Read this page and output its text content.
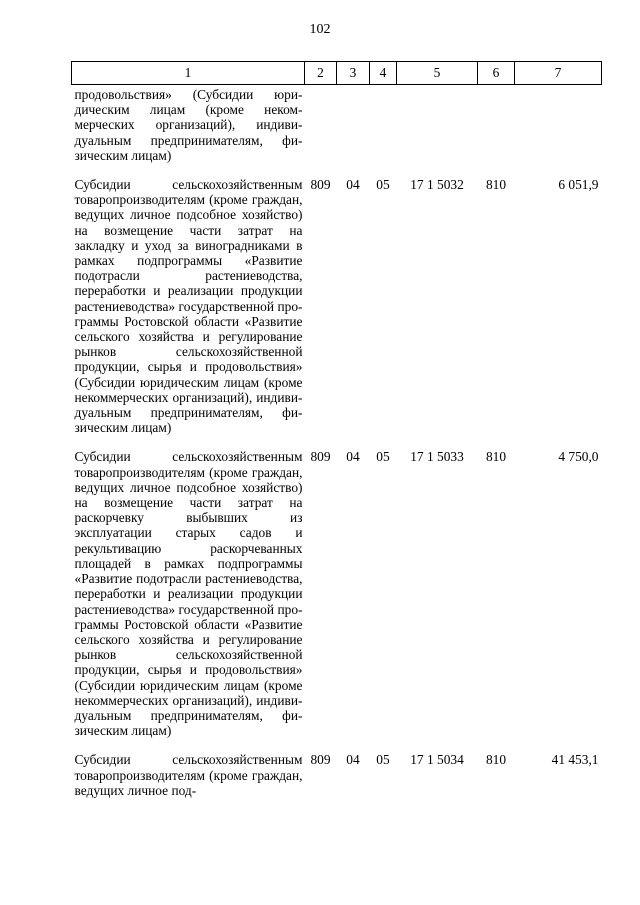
102
1	2	3	4	5	6	7
продовольствия» (Субсидии юридическим лицам (кроме некоммерческих организаций), индивидуальным предпринимателям, физическим лицам)						
Субсидии сельскохозяйственным товаропроизводителям (кроме граждан, ведущих личное подсобное хозяйство) на возмещение части затрат на закладку и уход за виноградниками в рамках подпрограммы «Развитие подотрасли растениеводства, переработки и реализации продукции растениеводства» государственной программы Ростовской области «Развитие сельского хозяйства и регулирование рынков сельскохозяйственной продукции, сырья и продовольствия» (Субсидии юридическим лицам (кроме некоммерческих организаций), индивидуальным предпринимателям, физическим лицам)	809	04	05	17 1 5032	810	6 051,9
Субсидии сельскохозяйственным товаропроизводителям (кроме граждан, ведущих личное подсобное хозяйство) на возмещение части затрат на раскорчевку выбывших из эксплуатации старых садов и рекультивацию раскорчеванных площадей в рамках подпрограммы «Развитие подотрасли растениеводства, переработки и реализации продукции растениеводства» государственной программы Ростовской области «Развитие сельского хозяйства и регулирование рынков сельскохозяйственной продукции, сырья и продовольствия» (Субсидии юридическим лицам (кроме некоммерческих организаций), индивидуальным предпринимателям, физическим лицам)	809	04	05	17 1 5033	810	4 750,0
Субсидии сельскохозяйственным товаропроизводителям (кроме граждан, ведущих личное под-	809	04	05	17 1 5034	810	41 453,1
